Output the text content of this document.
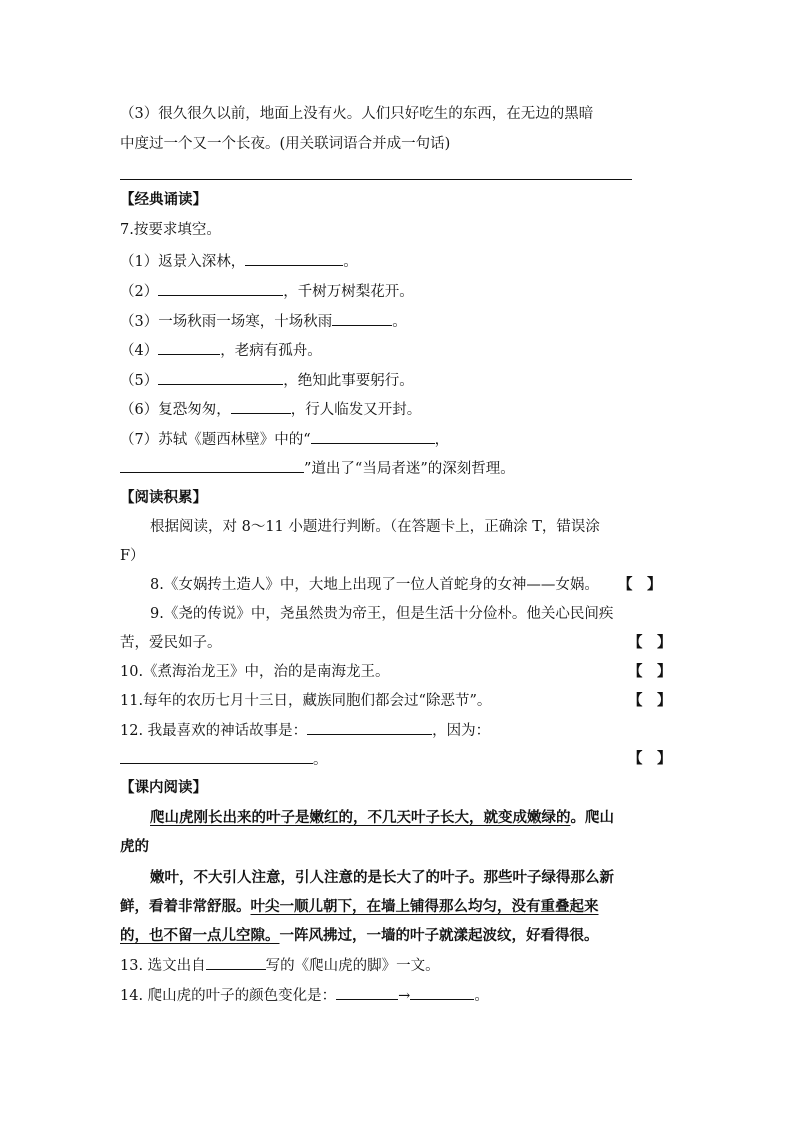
（3）很久很久以前，地面上没有火。人们只好吃生的东西，在无边的黑暗
中度过一个又一个长夜。(用关联词语合并成一句话)
【经典诵读】
7.按要求填空。
（1）返景入深林，	。
（2）	，千树万树梨花开。
（3）一场秋雨一场寒，十场秋雨	。
（4）	，老病有孤舟。
（5）	，绝知此事要躬行。
（6）复恐匆匆，	，行人临发又开封。
（7）苏轼《题西林壁》中的“	，
”道出了“当局者迷”的深刻哲理。
【阅读积累】
根据阅读，对 8～11 小题进行判断。（在答题卡上，正确涂 T，错误涂
F）
8.《女娲抟土造人》中，大地上出现了一位人首蛇身的女神——女娲。 【　】
9.《尧的传说》中，尧虽然贵为帝王，但是生活十分俭朴。他关心民间疾
苦，爱民如子。	【　】
10.《煮海治龙王》中，治的是南海龙王。	【　】
11.每年的农历七月十三日，藏族同胞们都会过“除恶节”。	【　】
12. 我最喜欢的神话故事是：	，因为：
。	【　】
【课内阅读】
爬山虎刚长出来的叶子是嫩红的，不几天叶子长大，就变成嫩绿的。爬山
虎的
嫩叶，不大引人注意，引人注意的是长大了的叶子。那些叶子绿得那么新
鲜，看着非常舒服。叶尖一顺儿朝下，在墙上铺得那么均匀，没有重叠起来
的，也不留一点儿空隙。一阵风拂过，一墙的叶子就漾起波纹，好看得很。
13. 选文出自	写的《爬山虎的脚》一文。
14. 爬山虎的叶子的颜色变化是：	→	。
